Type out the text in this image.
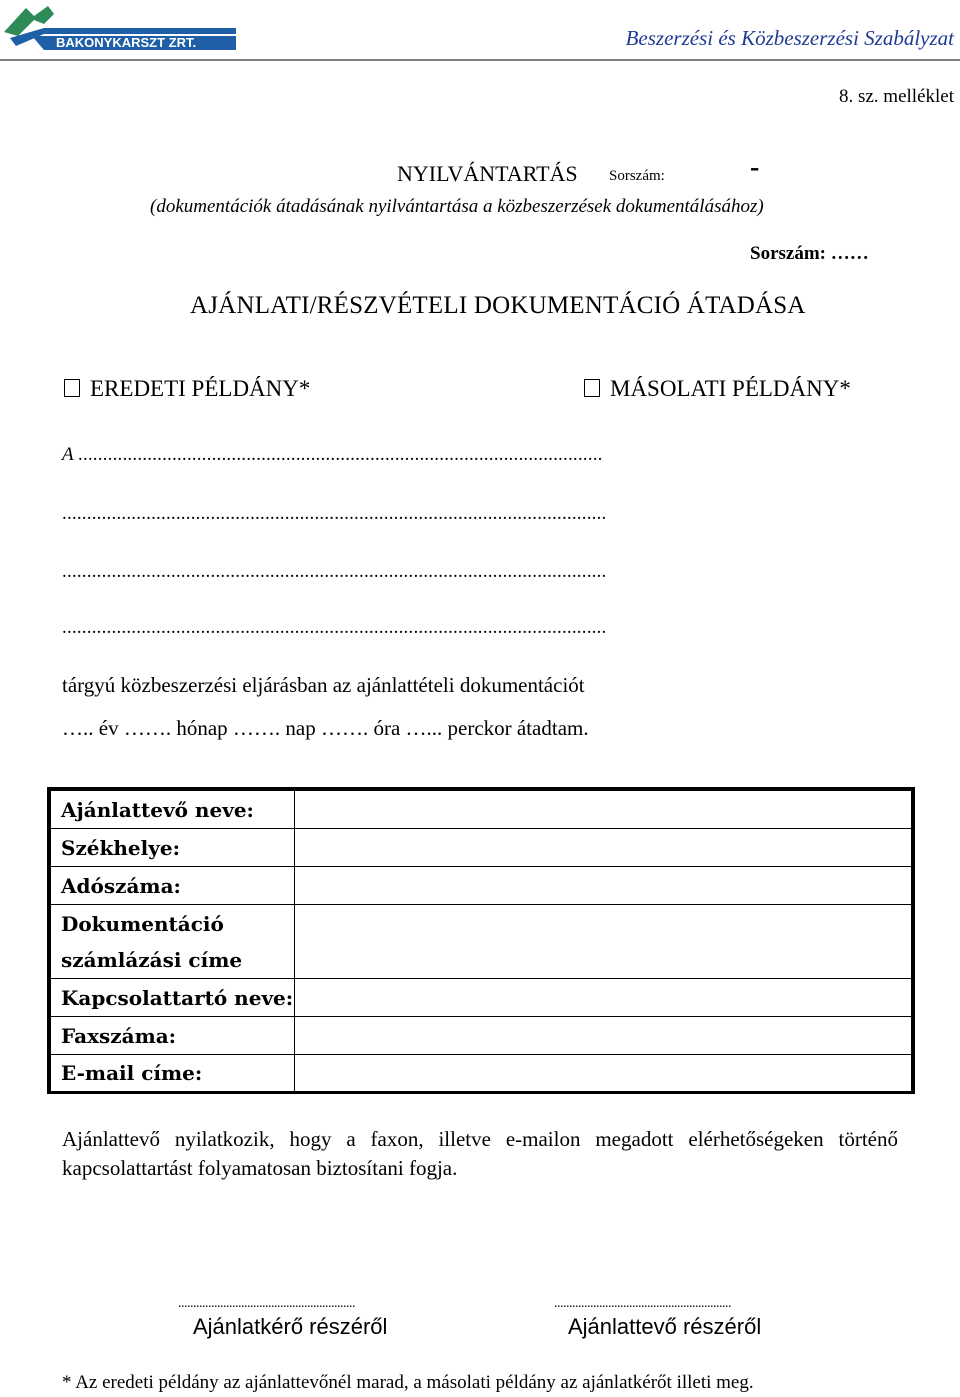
BAKONYKARSZT ZRT.	Beszerzési és Közbeszerzési Szabályzat
8. sz. melléklet
NYILVÁNTARTÁS Sorszám:	-
(dokumentációk átadásának nyilvántartása a közbeszerzések dokumentálásához)
Sorszám: ……
AJÁNLATI/RÉSZVÉTELI DOKUMENTÁCIÓ ÁTADÁSA
EREDETI PÉLDÁNY*	MÁSOLATI PÉLDÁNY*
A ..........................................................................................................
..............................................................................................................
..............................................................................................................
..............................................................................................................
tárgyú közbeszerzési eljárásban az ajánlattételi dokumentációt
….. év ……. hónap ……. nap ……. óra …... perckor átadtam.
Ajánlattevő neve:	
Székhelye:	
Adószáma:	

Dokumentáció
számlázási címe	

Kapcsolattartó neve:	
Faxszáma:	
E-mail címe:	
Ajánlattevő nyilatkozik, hogy a faxon, illetve e-mailon megadott elérhetőségeken történő kapcsolattartást folyamatosan biztosítani fogja.
...........................................................	...........................................................
Ajánlatkérő részéről	Ajánlattevő részéről
* Az eredeti példány az ajánlattevőnél marad, a másolati példány az ajánlatkérőt illeti meg.
